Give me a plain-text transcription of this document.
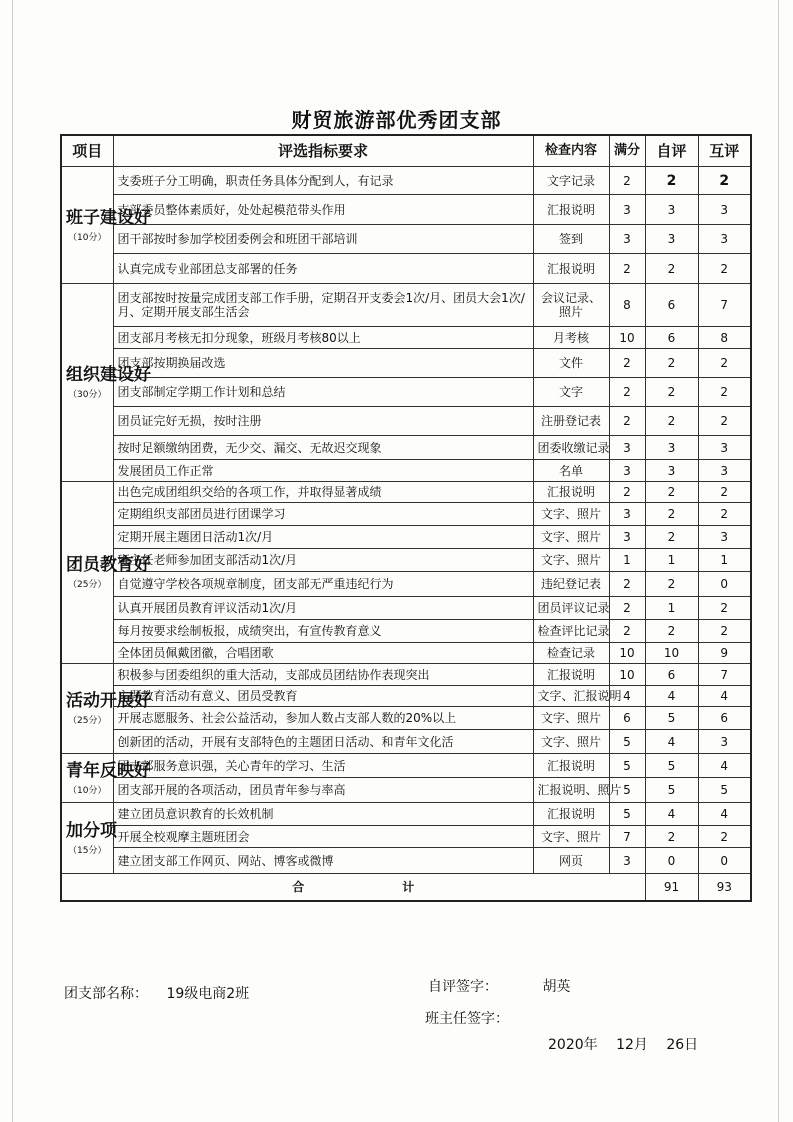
财贸旅游部优秀团支部
项目	评选指标要求	检查内容	满分	自评	互评

班子建设好
（10分）	支委班子分工明确，职责任务具体分配到人，有记录	文字记录	2	2	2
	支部委员整体素质好，处处起模范带头作用	汇报说明	3	3	3
	团干部按时参加学校团委例会和班团干部培训	签到	3	3	3
	认真完成专业部团总支部署的任务	汇报说明	2	2	2

组织建设好
（30分）	团支部按时按量完成团支部工作手册，定期召开支委会1次/月、团员大会1次/月、定期开展支部生活会	会议记录、照片	8	6	7
	团支部月考核无扣分现象，班级月考核80以上	月考核	10	6	8
	团支部按期换届改选	文件	2	2	2
	团支部制定学期工作计划和总结	文字	2	2	2
	团员证完好无损，按时注册	注册登记表	2	2	2
	按时足额缴纳团费，无少交、漏交、无故迟交现象	团委收缴记录	3	3	3
	发展团员工作正常	名单	3	3	3

团员教育好
（25分）	出色完成团组织交给的各项工作，并取得显著成绩	汇报说明	2	2	2
	定期组织支部团员进行团课学习	文字、照片	3	2	2
	定期开展主题团日活动1次/月	文字、照片	3	2	3
	班主任老师参加团支部活动1次/月	文字、照片	1	1	1
	自觉遵守学校各项规章制度，团支部无严重违纪行为	违纪登记表	2	2	0
	认真开展团员教育评议活动1次/月	团员评议记录	2	1	2
	每月按要求绘制板报，成绩突出，有宣传教育意义	检查评比记录	2	2	2
	全体团员佩戴团徽，合唱团歌	检查记录	10	10	9

活动开展好
（25分）	积极参与团委组织的重大活动，支部成员团结协作表现突出	汇报说明	10	6	7
	主题教育活动有意义、团员受教育	文字、汇报说明	4	4	4
	开展志愿服务、社会公益活动，参加人数占支部人数的20%以上	文字、照片	6	5	6
	创新团的活动，开展有支部特色的主题团日活动、和青年文化活	文字、照片	5	4	3

青年反映好
（10分）	团支部服务意识强，关心青年的学习、生活	汇报说明	5	5	4
	团支部开展的各项活动，团员青年参与率高	汇报说明、照片	5	5	5

加分项
（15分）	建立团员意识教育的长效机制	汇报说明	5	4	4
	开展全校观摩主题班团会	文字、照片	7	2	2
	建立团支部工作网页、网站、博客或微博	网页	3	0	0
合 计				91	93
团支部名称： 19级电商2班	自评签字：	胡英
班主任签字：
2020年　 12月　 26日
